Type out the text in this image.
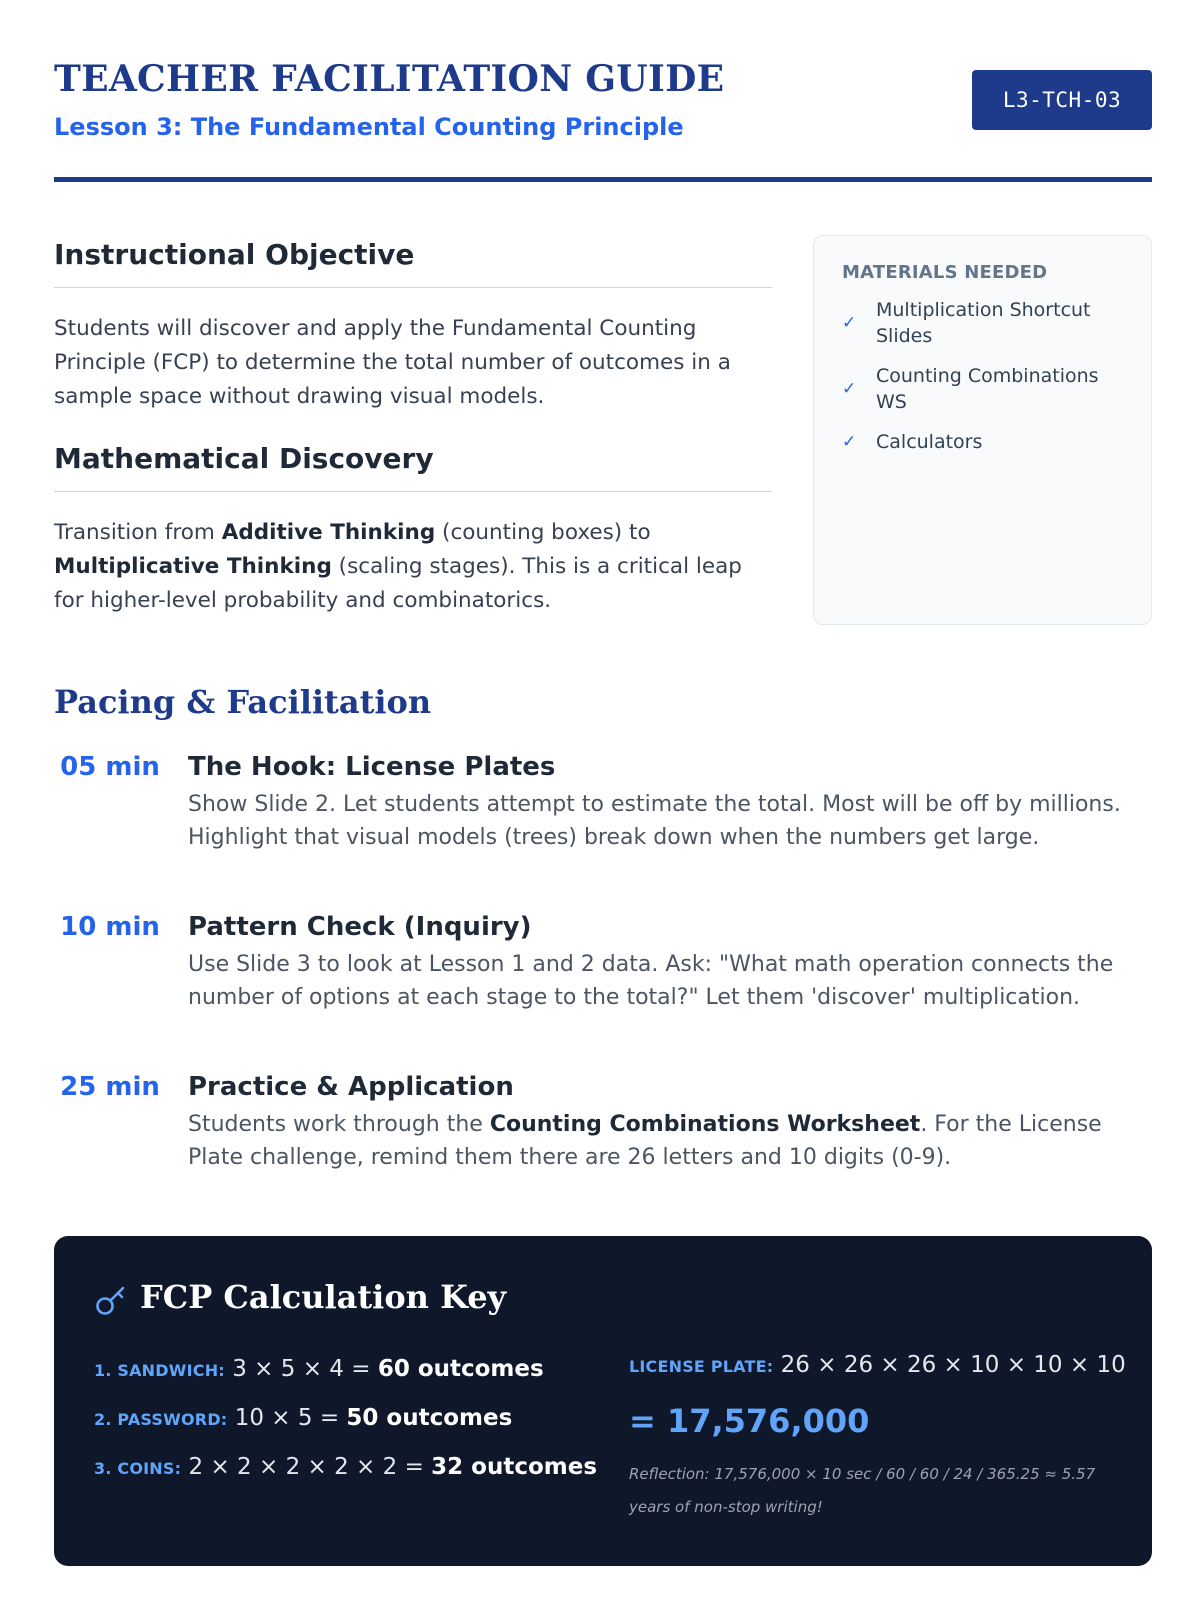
TEACHER FACILITATION GUIDE
Lesson 3: The Fundamental Counting Principle
L3-TCH-03
Instructional Objective
Students will discover and apply the Fundamental Counting Principle (FCP) to determine the total number of outcomes in a sample space without drawing visual models.
Mathematical Discovery
Transition from Additive Thinking (counting boxes) to Multiplicative Thinking (scaling stages). This is a critical leap for higher-level probability and combinatorics.
MATERIALS NEEDED
✓
Multiplication Shortcut Slides
✓
Counting Combinations WS
✓	Calculators
Pacing & Facilitation
05 min The Hook: License Plates
Show Slide 2. Let students attempt to estimate the total. Most will be off by millions. Highlight that visual models (trees) break down when the numbers get large.
10 min Pattern Check (Inquiry)
Use Slide 3 to look at Lesson 1 and 2 data. Ask: "What math operation connects the number of options at each stage to the total?" Let them 'discover' multiplication.
25 min Practice & Application
Students work through the Counting Combinations Worksheet. For the License Plate challenge, remind them there are 26 letters and 10 digits (0-9).
FCP Calculation Key
1. SANDWICH: 3 × 5 × 4 = 60 outcomes
2. PASSWORD: 10 × 5 = 50 outcomes
3. COINS: 2 × 2 × 2 × 2 × 2 = 32 outcomes
LICENSE PLATE: 26 × 26 × 26 × 10 × 10 × 10
= 17,576,000
Reflection: 17,576,000 × 10 sec / 60 / 60 / 24 / 365.25 ≈ 5.57 years of non-stop writing!
